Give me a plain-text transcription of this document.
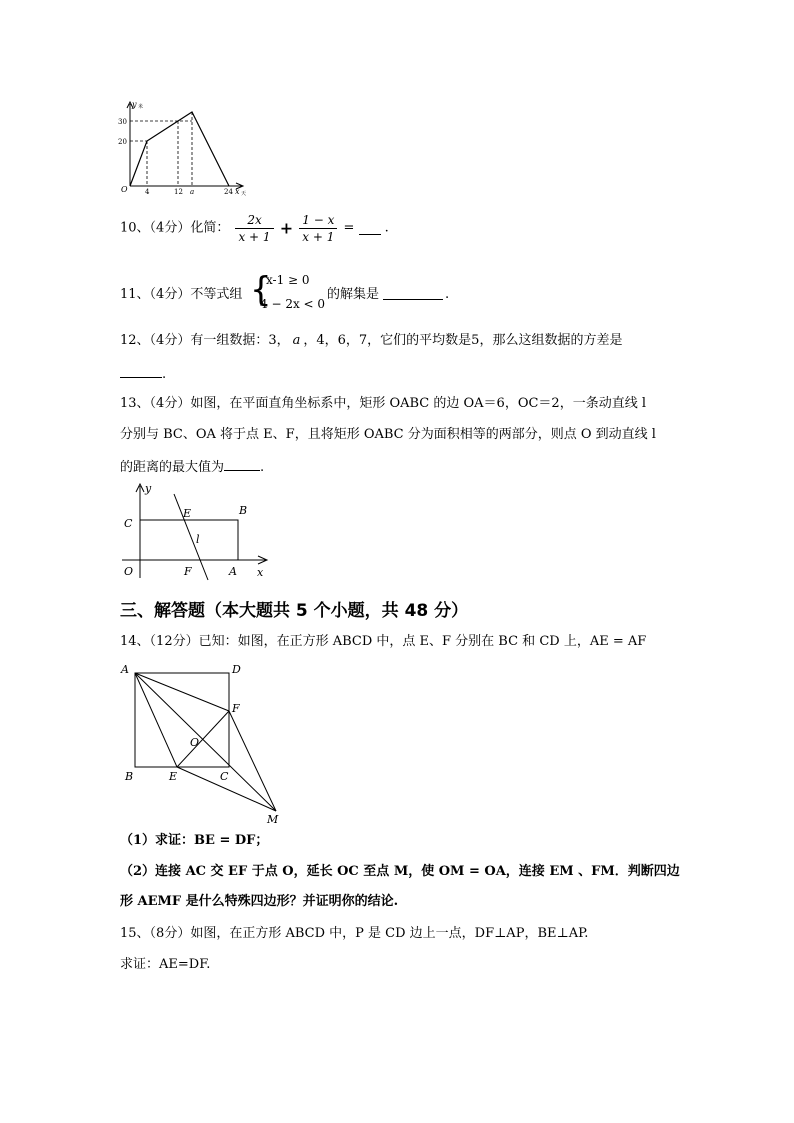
y 米
O
30
20
4	12 a	24 x 天
10、（4分）化简： $\frac{2x}{x + 1} + \frac{1 - x}{x + 1}$ = .
11、（4分）不等式组 {
x-1 ≥ 0
4 − 2x < 0
的解集是	.
12、（4分）有一组数据：3， a ，4，6，7，它们的平均数是5，那么这组数据的方差是
.
13、（4分）如图，在平面直角坐标系中，矩形 OABC 的边 OA＝6，OC＝2，一条动直线 l
分别与 BC、OA 将于点 E、F，且将矩形 OABC 分为面积相等的两部分，则点 O 到动直线 l
的距离的最大值为	.
y
C
E	B
l
O	F	A x
三、解答题（本大题共 5 个小题，共 48 分）
14、（12分）已知：如图，在正方形 ABCD 中，点 E、F 分别在 BC 和 CD 上，AE = AF
A	D
F
O
B	E	C
M
（1）求证：BE = DF；
（2）连接 AC 交 EF 于点 O，延长 OC 至点 M，使 OM = OA，连接 EM 、FM．判断四边
形 AEMF 是什么特殊四边形？并证明你的结论.
15、（8分）如图，在正方形 ABCD 中，P 是 CD 边上一点，DF⊥AP，BE⊥AP.
求证：AE=DF.
